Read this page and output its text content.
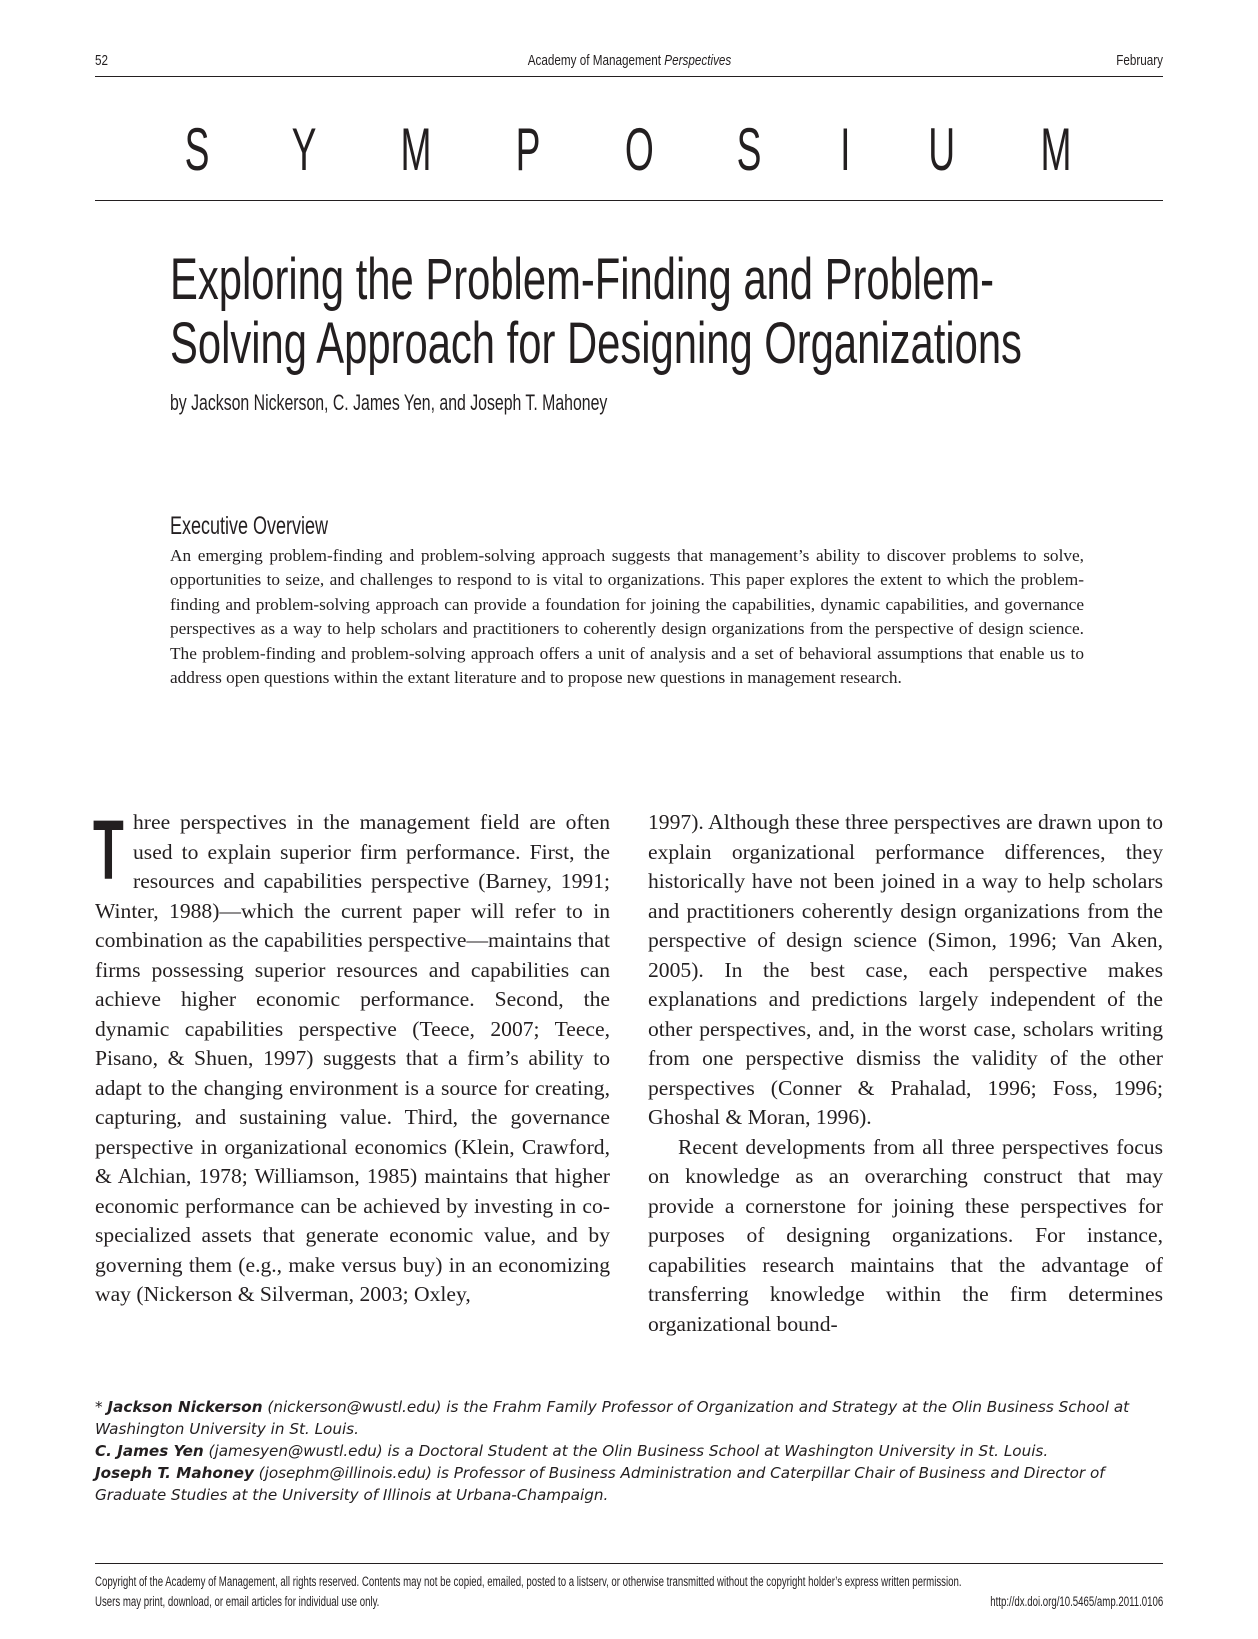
52	Academy of Management Perspectives	February
S Y M P O S I U M
Exploring the Problem-Finding and Problem-
Solving Approach for Designing Organizations
by Jackson Nickerson, C. James Yen, and Joseph T. Mahoney
Executive Overview
An emerging problem-finding and problem-solving approach suggests that management’s ability to discover problems to solve, opportunities to seize, and challenges to respond to is vital to organizations. This paper explores the extent to which the problem-finding and problem-solving approach can provide a foundation for joining the capabilities, dynamic capabilities, and governance perspectives as a way to help scholars and practitioners to coherently design organizations from the perspective of design science. The problem-finding and problem-solving approach offers a unit of analysis and a set of behavioral assumptions that enable us to address open questions within the extant literature and to propose new questions in management research.

Three perspectives in the management field are often used to explain superior firm performance. First, the resources and capabilities perspective (Barney, 1991; Winter, 1988)—which the current paper will refer to in combination as the capabilities perspective—maintains that firms possessing superior resources and capabilities can achieve higher economic performance. Second, the dynamic capabilities perspective (Teece, 2007; Teece, Pisano, & Shuen, 1997) suggests that a firm’s ability to adapt to the changing environment is a source for creating, capturing, and sustaining value. Third, the governance perspective in organizational economics (Klein, Crawford, & Alchian, 1978; Williamson, 1985) maintains that higher economic performance can be achieved by investing in co-specialized assets that generate economic value, and by governing them (e.g., make versus buy) in an economizing way (Nickerson & Silverman, 2003; Oxley,

1997). Although these three perspectives are drawn upon to explain organizational performance differences, they historically have not been joined in a way to help scholars and practitioners coherently design organizations from the perspective of design science (Simon, 1996; Van Aken, 2005). In the best case, each perspective makes explanations and predictions largely independent of the other perspectives, and, in the worst case, scholars writing from one perspective dismiss the validity of the other perspectives (Conner & Prahalad, 1996; Foss, 1996; Ghoshal & Moran, 1996).

Recent developments from all three perspectives focus on knowledge as an overarching construct that may provide a cornerstone for joining these perspectives for purposes of designing organizations. For instance, capabilities research maintains that the advantage of transferring knowledge within the firm determines organizational bound-

* Jackson Nickerson (nickerson@wustl.edu) is the Frahm Family Professor of Organization and Strategy at the Olin Business School at Washington University in St. Louis.

C. James Yen (jamesyen@wustl.edu) is a Doctoral Student at the Olin Business School at Washington University in St. Louis.

Joseph T. Mahoney (josephm@illinois.edu) is Professor of Business Administration and Caterpillar Chair of Business and Director of Graduate Studies at the University of Illinois at Urbana-Champaign.

Copyright of the Academy of Management, all rights reserved. Contents may not be copied, emailed, posted to a listserv, or otherwise transmitted without the copyright holder’s express written permission.
Users may print, download, or email articles for individual use only.	http://dx.doi.org/10.5465/amp.2011.0106
